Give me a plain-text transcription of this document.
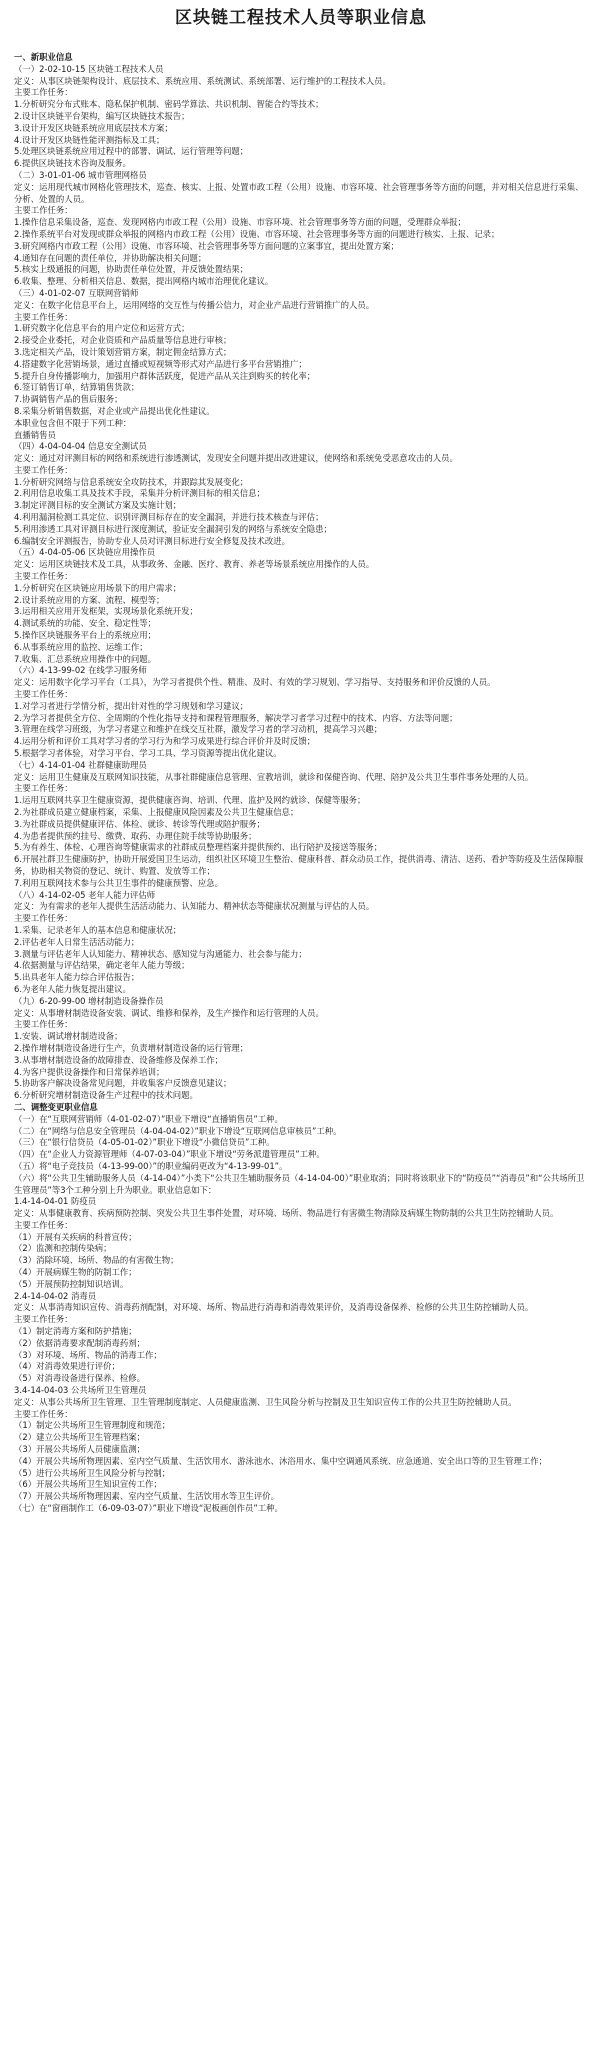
区块链工程技术人员等职业信息
一、新职业信息
（一）2-02-10-15 区块链工程技术人员
定义：从事区块链架构设计、底层技术、系统应用、系统测试、系统部署、运行维护的工程技术人员。
主要工作任务：
1.分析研究分布式账本、隐私保护机制、密码学算法、共识机制、智能合约等技术；
2.设计区块链平台架构，编写区块链技术报告；
3.设计开发区块链系统应用底层技术方案；
4.设计开发区块链性能评测指标及工具；
5.处理区块链系统应用过程中的部署、调试、运行管理等问题；
6.提供区块链技术咨询及服务。
（二）3-01-01-06 城市管理网格员
定义：运用现代城市网格化管理技术，巡查、核实、上报、处置市政工程（公用）设施、市容环境、社会管理事务等方面的问题，并对相关信息进行采集、分析、处置的人员。
主要工作任务：
1.操作信息采集设备，巡查、发现网格内市政工程（公用）设施、市容环境、社会管理事务等方面的问题，受理群众举报；
2.操作系统平台对发现或群众举报的网格内市政工程（公用）设施、市容环境、社会管理事务等方面的问题进行核实、上报、记录；
3.研究网格内市政工程（公用）设施、市容环境、社会管理事务等方面问题的立案事宜，提出处置方案；
4.通知存在问题的责任单位，并协助解决相关问题；
5.核实上级通报的问题，协助责任单位处置，并反馈处置结果；
6.收集、整理、分析相关信息、数据，提出网格内城市治理优化建议。
（三）4-01-02-07 互联网营销师
定义：在数字化信息平台上，运用网络的交互性与传播公信力，对企业产品进行营销推广的人员。
主要工作任务：
1.研究数字化信息平台的用户定位和运营方式；
2.接受企业委托，对企业资质和产品质量等信息进行审核；
3.选定相关产品，设计策划营销方案，制定佣金结算方式；
4.搭建数字化营销场景，通过直播或短视频等形式对产品进行多平台营销推广；
5.提升自身传播影响力，加强用户群体活跃度，促进产品从关注到购买的转化率；
6.签订销售订单，结算销售货款；
7.协调销售产品的售后服务；
8.采集分析销售数据，对企业或产品提出优化性建议。
本职业包含但不限于下列工种：
直播销售员
（四）4-04-04-04 信息安全测试员
定义：通过对评测目标的网络和系统进行渗透测试，发现安全问题并提出改进建议，使网络和系统免受恶意攻击的人员。
主要工作任务：
1.分析研究网络与信息系统安全攻防技术，并跟踪其发展变化；
2.利用信息收集工具及技术手段，采集并分析评测目标的相关信息；
3.制定评测目标的安全测试方案及实施计划；
4.利用漏洞检测工具定位、识别评测目标存在的安全漏洞，并进行技术核查与评估；
5.利用渗透工具对评测目标进行深度测试，验证安全漏洞引发的网络与系统安全隐患；
6.编制安全评测报告，协助专业人员对评测目标进行安全修复及技术改进。
（五）4-04-05-06 区块链应用操作员
定义：运用区块链技术及工具，从事政务、金融、医疗、教育、养老等场景系统应用操作的人员。
主要工作任务：
1.分析研究在区块链应用场景下的用户需求；
2.设计系统应用的方案、流程、模型等；
3.运用相关应用开发框架，实现场景化系统开发；
4.测试系统的功能、安全、稳定性等；
5.操作区块链服务平台上的系统应用；
6.从事系统应用的监控、运维工作；
7.收集、汇总系统应用操作中的问题。
（六）4-13-99-02 在线学习服务师
定义：运用数字化学习平台（工具），为学习者提供个性、精准、及时、有效的学习规划、学习指导、支持服务和评价反馈的人员。
主要工作任务：
1.对学习者进行学情分析，提出针对性的学习规划和学习建议；
2.为学习者提供全方位、全周期的个性化指导支持和课程管理服务，解决学习者学习过程中的技术、内容、方法等问题；
3.管理在线学习班级，为学习者建立和维护在线交互社群，激发学习者的学习动机，提高学习兴趣；
4.运用分析和评价工具对学习者的学习行为和学习成果进行综合评价并及时反馈；
5.根据学习者体验，对学习平台、学习工具、学习资源等提出优化建议。
（七）4-14-01-04 社群健康助理员
定义：运用卫生健康及互联网知识技能，从事社群健康信息管理、宣教培训，就诊和保健咨询、代理、陪护及公共卫生事件事务处理的人员。
主要工作任务：
1.运用互联网共享卫生健康资源，提供健康咨询、培训、代理、监护及网约就诊、保健等服务；
2.为社群成员建立健康档案，采集、上报健康风险因素及公共卫生健康信息；
3.为社群成员提供健康评估、体检、就诊、转诊等代理或陪护服务；
4.为患者提供预约挂号、缴费、取药、办理住院手续等协助服务；
5.为有养生、体检、心理咨询等健康需求的社群成员整理档案并提供预约、出行陪护及接送等服务；
6.开展社群卫生健康防护，协助开展爱国卫生运动，组织社区环境卫生整治、健康科普、群众动员工作，提供消毒、清洁、送药、看护等防疫及生活保障服务，协助相关物资的登记、统计、购置、发放等工作；
7.利用互联网技术参与公共卫生事件的健康预警、应急。
（八）4-14-02-05 老年人能力评估师
定义：为有需求的老年人提供生活活动能力、认知能力、精神状态等健康状况测量与评估的人员。
主要工作任务：
1.采集、记录老年人的基本信息和健康状况；
2.评估老年人日常生活活动能力；
3.测量与评估老年人认知能力、精神状态、感知觉与沟通能力、社会参与能力；
4.依据测量与评估结果，确定老年人能力等级；
5.出具老年人能力综合评估报告；
6.为老年人能力恢复提出建议。
（九）6-20-99-00 增材制造设备操作员
定义：从事增材制造设备安装、调试、维修和保养，及生产操作和运行管理的人员。
主要工作任务：
1.安装、调试增材制造设备；
2.操作增材制造设备进行生产，负责增材制造设备的运行管理；
3.从事增材制造设备的故障排查、设备维修及保养工作；
4.为客户提供设备操作和日常保养培训；
5.协助客户解决设备常见问题，并收集客户反馈意见建议；
6.分析研究增材制造设备生产过程中的技术问题。
二、调整变更职业信息
（一）在“互联网营销师（4-01-02-07）”职业下增设“直播销售员”工种。
（二）在“网络与信息安全管理员（4-04-04-02）”职业下增设“互联网信息审核员”工种。
（三）在“银行信贷员（4-05-01-02）”职业下增设“小微信贷员”工种。
（四）在“企业人力资源管理师（4-07-03-04）”职业下增设“劳务派遣管理员”工种。
（五）将“电子竞技员（4-13-99-00）”的职业编码更改为“4-13-99-01”。
（六）将“公共卫生辅助服务人员（4-14-04）”小类下“公共卫生辅助服务员（4-14-04-00）”职业取消；同时将该职业下的“防疫员”“消毒员”和“公共场所卫生管理员”等3个工种分别上升为职业。职业信息如下：
1.4-14-04-01 防疫员
定义：从事健康教育、疾病预防控制、突发公共卫生事件处置，对环境、场所、物品进行有害微生物清除及病媒生物防制的公共卫生防控辅助人员。
主要工作任务：
（1）开展有关疾病的科普宣传；
（2）监测和控制传染病；
（3）消除环境、场所、物品的有害微生物；
（4）开展病媒生物的防制工作；
（5）开展预防控制知识培训。
2.4-14-04-02 消毒员
定义：从事消毒知识宣传、消毒药剂配制，对环境、场所、物品进行消毒和消毒效果评价，及消毒设备保养、检修的公共卫生防控辅助人员。
主要工作任务：
（1）制定消毒方案和防护措施；
（2）依据消毒要求配制消毒药剂；
（3）对环境、场所、物品的消毒工作；
（4）对消毒效果进行评价；
（5）对消毒设备进行保养、检修。
3.4-14-04-03 公共场所卫生管理员
定义：从事公共场所卫生管理、卫生管理制度制定、人员健康监测、卫生风险分析与控制及卫生知识宣传工作的公共卫生防控辅助人员。
主要工作任务：
（1）制定公共场所卫生管理制度和规范；
（2）建立公共场所卫生管理档案；
（3）开展公共场所人员健康监测；
（4）开展公共场所物理因素、室内空气质量、生活饮用水、游泳池水、沐浴用水、集中空调通风系统、应急通道、安全出口等的卫生管理工作；
（5）进行公共场所卫生风险分析与控制；
（6）开展公共场所卫生知识宣传工作；
（7）开展公共场所物理因素、室内空气质量、生活饮用水等卫生评价。
（七）在“窗画制作工（6-09-03-07）”职业下增设“泥板画创作员”工种。
